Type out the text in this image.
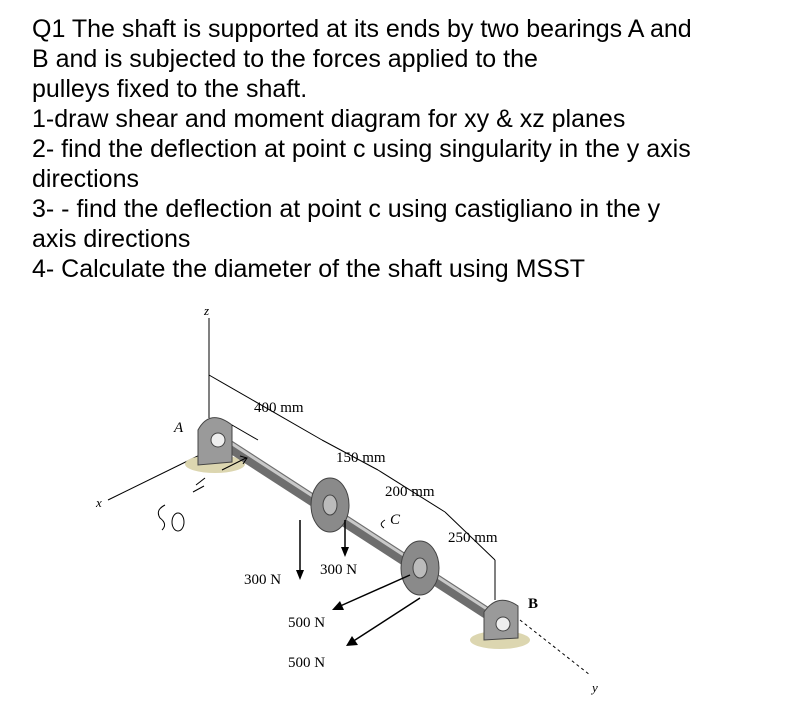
Q1 The shaft is supported at its ends by two bearings A and
B and is subjected to the forces applied to the
pulleys fixed to the shaft.
1-draw shear and moment diagram for xy & xz planes
2- find the deflection at point c using singularity in the y axis
directions
3- - find the deflection at point c using castigliano in the y
axis directions
4- Calculate the diameter of the shaft using MSST
z
x
y
A
B
C
400 mm
150 mm
200 mm
250 mm
300 N
300 N
500 N
500 N
